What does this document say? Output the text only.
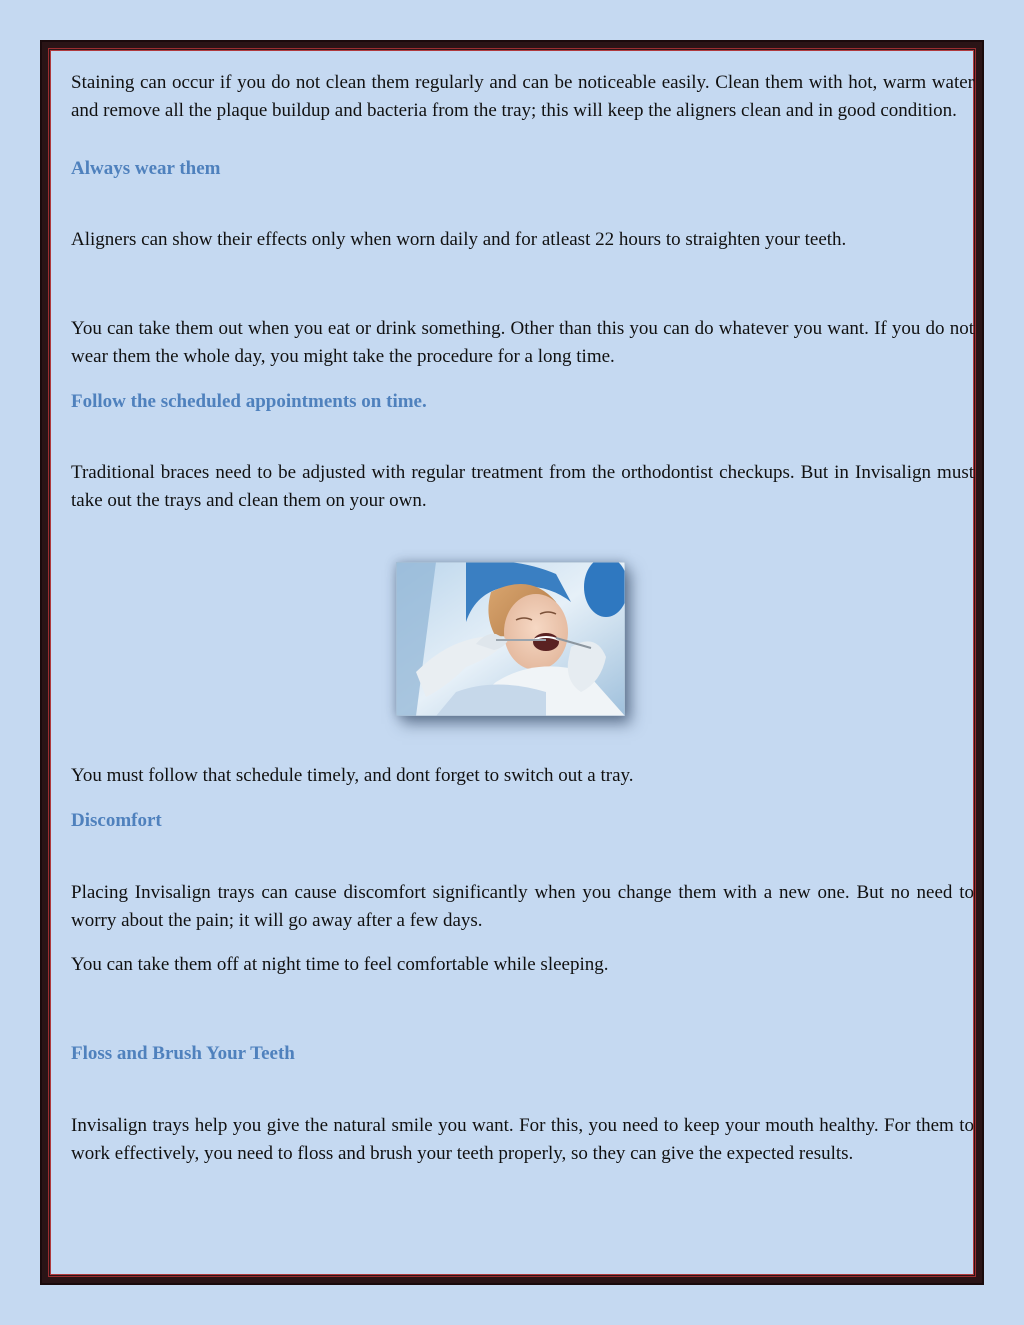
Staining can occur if you do not clean them regularly and can be noticeable easily. Clean them with hot, warm water and remove all the plaque buildup and bacteria from the tray; this will keep the aligners clean and in good condition.

Always wear them

Aligners can show their effects only when worn daily and for atleast 22 hours to straighten your teeth.

You can take them out when you eat or drink something. Other than this you can do whatever you want. If you do not wear them the whole day, you might take the procedure for a long time.

Follow the scheduled appointments on time.

Traditional braces need to be adjusted with regular treatment from the orthodontist checkups. But in Invisalign must take out the trays and clean them on your own.

You must follow that schedule timely, and dont forget to switch out a tray.

Discomfort

Placing Invisalign trays can cause discomfort significantly when you change them with a new one. But no need to worry about the pain; it will go away after a few days.

You can take them off at night time to feel comfortable while sleeping.

Floss and Brush Your Teeth

Invisalign trays help you give the natural smile you want. For this, you need to keep your mouth healthy. For them to work effectively, you need to floss and brush your teeth properly, so they can give the expected results.
